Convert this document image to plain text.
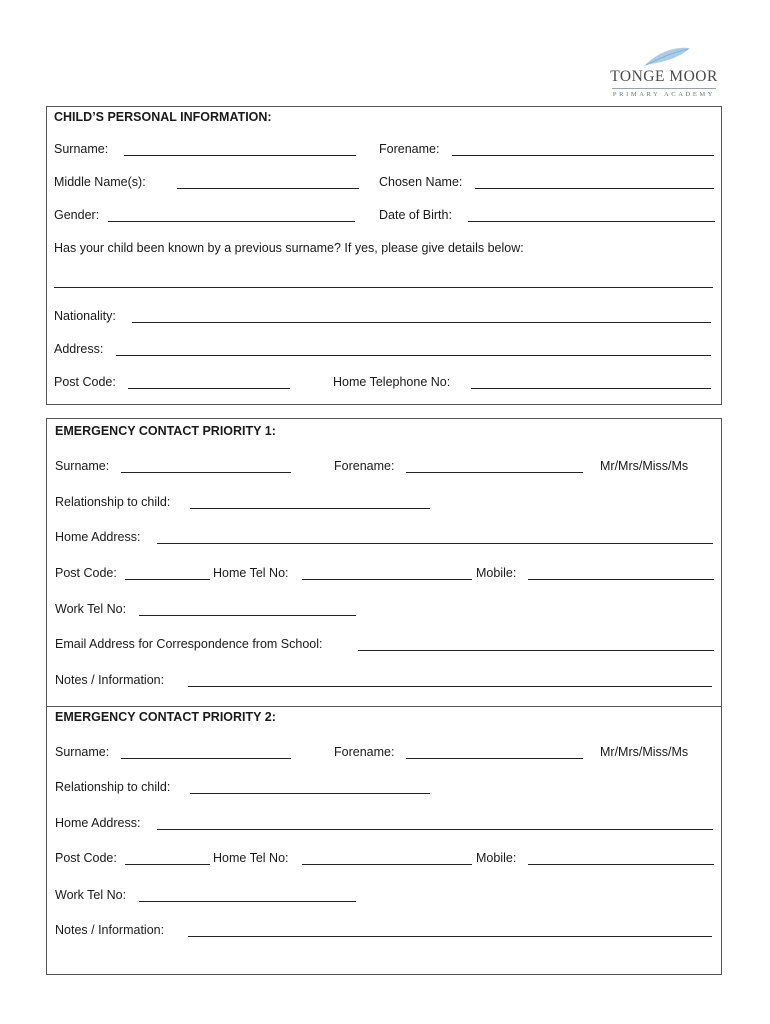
TONGE MOOR
PRIMARY ACADEMY
CHILD’S PERSONAL INFORMATION:
Surname:	Forename:
Middle Name(s):	Chosen Name:
Gender:	Date of Birth:
Has your child been known by a previous surname? If yes, please give details below:
Nationality:
Address:
Post Code:	Home Telephone No:
EMERGENCY CONTACT PRIORITY 1:
Surname:	Forename:	Mr/Mrs/Miss/Ms
Relationship to child:
Home Address:
Post Code:	Home Tel No:	Mobile:
Work Tel No:
Email Address for Correspondence from School:
Notes / Information:
EMERGENCY CONTACT PRIORITY 2:
Surname:	Forename:	Mr/Mrs/Miss/Ms
Relationship to child:
Home Address:
Post Code:	Home Tel No:	Mobile:
Work Tel No:
Notes / Information:
